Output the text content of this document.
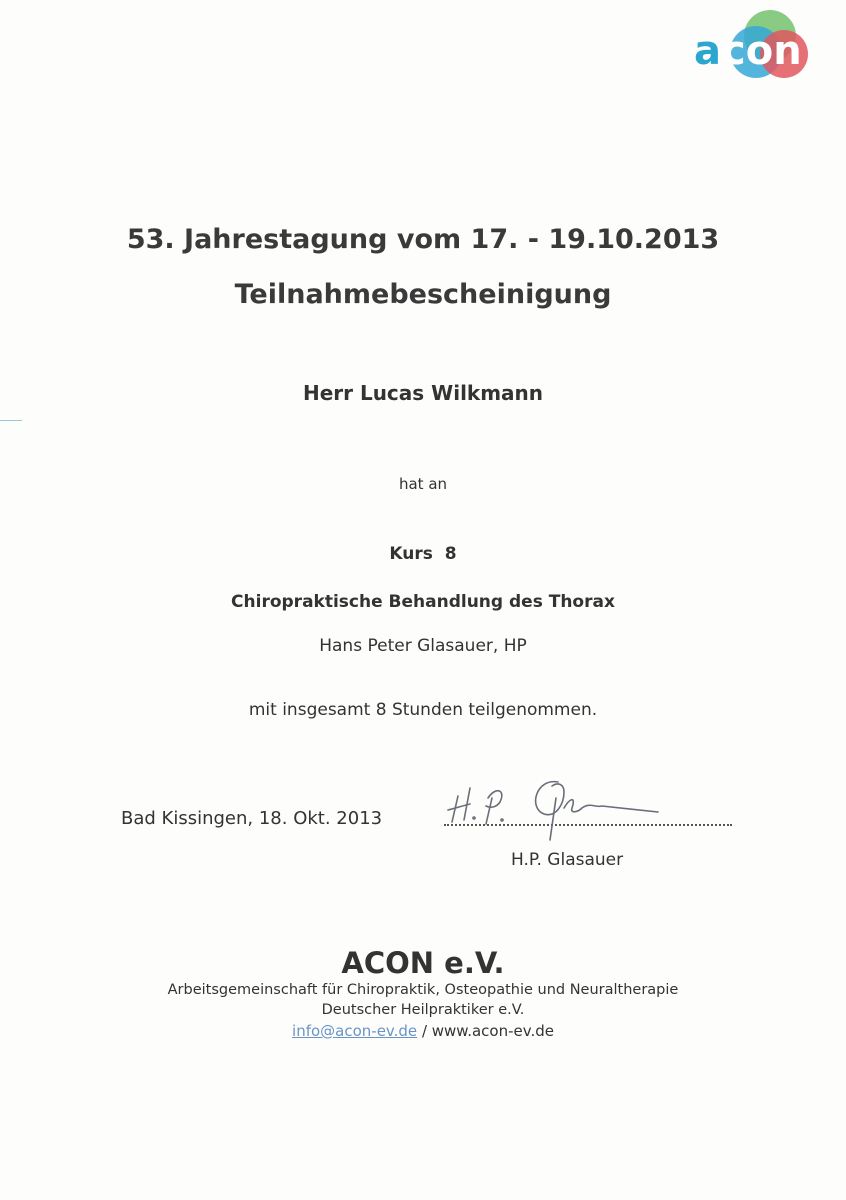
a con
53. Jahrestagung vom 17. - 19.10.2013
Teilnahmebescheinigung
Herr Lucas Wilkmann
hat an
Kurs  8
Chiropraktische Behandlung des Thorax
Hans Peter Glasauer, HP
mit insgesamt 8 Stunden teilgenommen.
Bad Kissingen, 18. Okt. 2013
H.P. Glasauer
ACON e.V.
Arbeitsgemeinschaft für Chiropraktik, Osteopathie und Neuraltherapie
Deutscher Heilpraktiker e.V.
info@acon-ev.de / www.acon-ev.de
